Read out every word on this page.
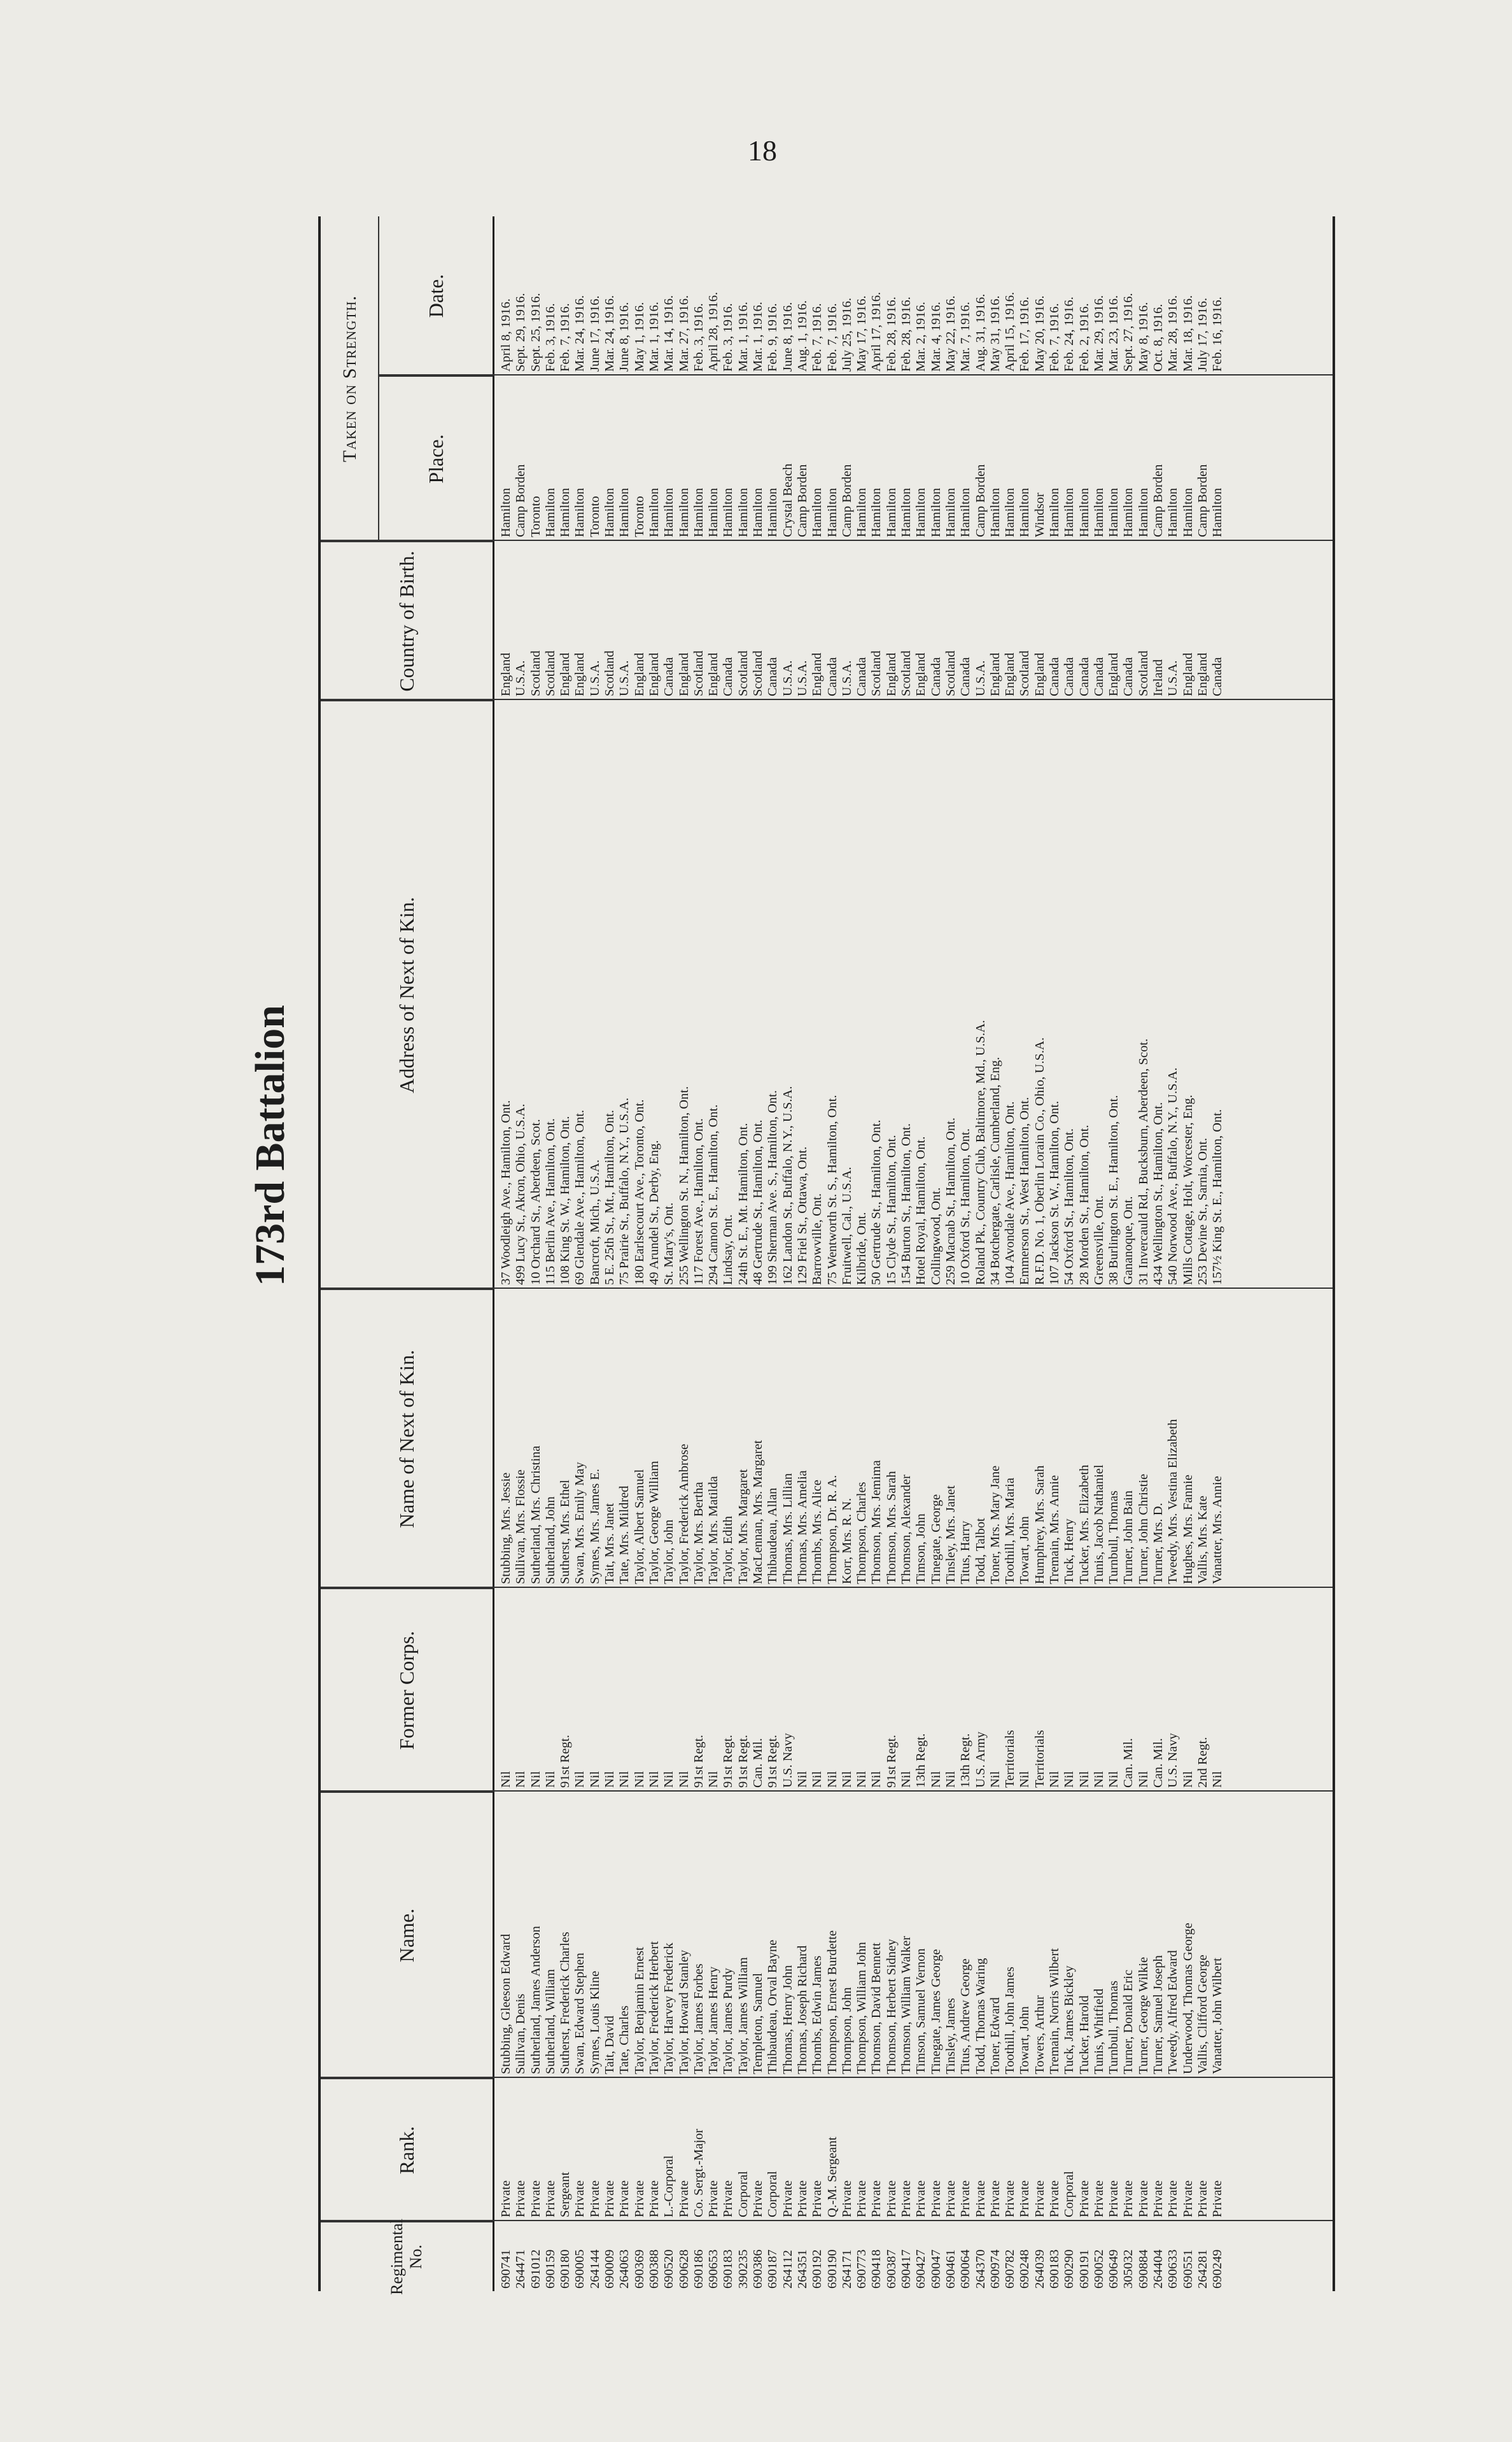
18
173rd Battalion
Regimental No.
Rank.
Name.
Former Corps.
Name of Next of Kin.
Address of Next of Kin.
Country of Birth.
Taken on Strength.	Place.
Date.
690741
Private
Stubbing, Gleeson Edward
Nil
Stubbing, Mrs. Jessie
37 Woodleigh Ave., Hamilton, Ont.
England
Hamilton
April 8, 1916.
264471
Private
Sullivan, Denis
Nil
Sullivan, Mrs. Flossie
499 Lucy St., Akron, Ohio, U.S.A.
U.S.A.
Camp Borden
Sept. 29, 1916.
691012
Private
Sutherland, James Anderson
Nil
Sutherland, Mrs. Christina
10 Orchard St., Aberdeen, Scot.
Scotland
Toronto
Sept. 25, 1916.
690159
Private
Sutherland, William
Nil
Sutherland, John
115 Berlin Ave., Hamilton, Ont.
Scotland
Hamilton
Feb. 3, 1916.
690180
Sergeant
Sutherst, Frederick Charles
91st Regt.
Sutherst, Mrs. Ethel
108 King St. W., Hamilton, Ont.
England
Hamilton
Feb. 7, 1916.
690005
Private
Swan, Edward Stephen
Nil
Swan, Mrs. Emily May
69 Glendale Ave., Hamilton, Ont.
England
Hamilton
Mar. 24, 1916.
264144
Private
Symes, Louis Kline
Nil
Symes, Mrs. James E.
Bancroft, Mich., U.S.A.
U.S.A.
Toronto
June 17, 1916.
690009
Private
Tait, David
Nil
Tait, Mrs. Janet
5 E. 25th St., Mt., Hamilton, Ont.
Scotland
Hamilton
Mar. 24, 1916.
264063
Private
Tate, Charles
Nil
Tate, Mrs. Mildred
75 Prairie St., Buffalo, N.Y., U.S.A.
U.S.A.
Hamilton
June 8, 1916.
690369
Private
Taylor, Benjamin Ernest
Nil
Taylor, Albert Samuel
180 Earlsecourt Ave., Toronto, Ont.
England
Toronto
May 1, 1916.
690388
Private
Taylor, Frederick Herbert
Nil
Taylor, George William
49 Arundel St., Derby, Eng.
England
Hamilton
Mar. 1, 1916.
690520
L.-Corporal
Taylor, Harvey Frederick
Nil
Taylor, John
St. Mary's, Ont.
Canada
Hamilton
Mar. 14, 1916.
690628
Private
Taylor, Howard Stanley
Nil
Taylor, Frederick Ambrose
255 Wellington St. N., Hamilton, Ont.
England
Hamilton
Mar. 27, 1916.
690186
Co. Sergt.-Major
Taylor, James Forbes
91st Regt.
Taylor, Mrs. Bertha
117 Forest Ave., Hamilton, Ont.
Scotland
Hamilton
Feb. 3, 1916.
690653
Private
Taylor, James Henry
Nil
Taylor, Mrs. Matilda
294 Cannon St. E., Hamilton, Ont.
England
Hamilton
April 28, 1916.
690183
Private
Taylor, James Purdy
91st Regt.
Taylor, Edith
Lindsay, Ont.
Canada
Hamilton
Feb. 3, 1916.
390235
Corporal
Taylor, James William
91st Regt.
Taylor, Mrs. Margaret
24th St. E., Mt. Hamilton, Ont.
Scotland
Hamilton
Mar. 1, 1916.
690386
Private
Templeton, Samuel
Can. Mil.
MacLennan, Mrs. Margaret
48 Gertrude St., Hamilton, Ont.
Scotland
Hamilton
Mar. 1, 1916.
690187
Corporal
Thibaudeau, Orval Bayne
91st Regt.
Thibaudeau, Allan
199 Sherman Ave. S., Hamilton, Ont.
Canada
Hamilton
Feb. 9, 1916.
264112
Private
Thomas, Henry John
U.S. Navy
Thomas, Mrs. Lillian
162 Landon St., Buffalo, N.Y., U.S.A.
U.S.A.
Crystal Beach
June 8, 1916.
264351
Private
Thomas, Joseph Richard
Nil
Thomas, Mrs. Amelia
129 Friel St., Ottawa, Ont.
U.S.A.
Camp Borden
Aug. 1, 1916.
690192
Private
Thombs, Edwin James
Nil
Thombs, Mrs. Alice
Barrowville, Ont.
England
Hamilton
Feb. 7, 1916.
690190
Q.-M. Sergeant
Thompson, Ernest Burdette
Nil
Thompson, Dr. R. A.
75 Wentworth St. S., Hamilton, Ont.
Canada
Hamilton
Feb. 7, 1916.
264171
Private
Thompson, John
Nil
Korr, Mrs. R. N.
Fruitwell, Cal., U.S.A.
U.S.A.
Camp Borden
July 25, 1916.
690773
Private
Thompson, William John
Nil
Thompson, Charles
Kilbride, Ont.
Canada
Hamilton
May 17, 1916.
690418
Private
Thomson, David Bennett
Nil
Thomson, Mrs. Jemima
50 Gertrude St., Hamilton, Ont.
Scotland
Hamilton
April 17, 1916.
690387
Private
Thomson, Herbert Sidney
91st Regt.
Thomson, Mrs. Sarah
15 Clyde St., Hamilton, Ont.
England
Hamilton
Feb. 28, 1916.
690417
Private
Thomson, William Walker
Nil
Thomson, Alexander
154 Burton St., Hamilton, Ont.
Scotland
Hamilton
Feb. 28, 1916.
690427
Private
Timson, Samuel Vernon
13th Regt.
Timson, John
Hotel Royal, Hamilton, Ont.
England
Hamilton
Mar. 2, 1916.
690047
Private
Tinegate, James George
Nil
Tinegate, George
Collingwood, Ont.
Canada
Hamilton
Mar. 4, 1916.
690461
Private
Tinsley, James
Nil
Tinsley, Mrs. Janet
259 Macnab St., Hamilton, Ont.
Scotland
Hamilton
May 22, 1916.
690064
Private
Titus, Andrew George
13th Regt.
Titus, Harry
10 Oxford St., Hamilton, Ont.
Canada
Hamilton
Mar. 7, 1916.
264370
Private
Todd, Thomas Waring
U.S. Army
Todd, Talbot
Roland Pk., Country Club, Baltimore, Md., U.S.A.
U.S.A.
Camp Borden
Aug. 31, 1916.
690974
Private
Toner, Edward
Nil
Toner, Mrs. Mary Jane
34 Botchergate, Carlisle, Cumberland, Eng.
England
Hamilton
May 31, 1916.
690782
Private
Toothill, John James
Territorials
Toothill, Mrs. Maria
104 Avondale Ave., Hamilton, Ont.
England
Hamilton
April 15, 1916.
690248
Private
Towart, John
Nil
Towart, John
Emmerson St., West Hamilton, Ont.
Scotland
Hamilton
Feb. 17, 1916.
264039
Private
Towers, Arthur
Territorials
Humphrey, Mrs. Sarah
R.F.D. No. 1, Oberlin Lorain Co., Ohio, U.S.A.
England
Windsor
May 20, 1916.
690183
Private
Tremain, Norris Wilbert
Nil
Tremain, Mrs. Annie
107 Jackson St. W., Hamilton, Ont.
Canada
Hamilton
Feb. 7, 1916.
690290
Corporal
Tuck, James Bickley
Nil
Tuck, Henry
54 Oxford St., Hamilton, Ont.
Canada
Hamilton
Feb. 24, 1916.
690191
Private
Tucker, Harold
Nil
Tucker, Mrs. Elizabeth
28 Morden St., Hamilton, Ont.
Canada
Hamilton
Feb. 2, 1916.
690052
Private
Tunis, Whitfield
Nil
Tunis, Jacob Nathaniel
Greensville, Ont.
Canada
Hamilton
Mar. 29, 1916.
690649
Private
Turnbull, Thomas
Nil
Turnbull, Thomas
38 Burlington St. E., Hamilton, Ont.
England
Hamilton
Mar. 23, 1916.
305032
Private
Turner, Donald Eric
Can. Mil.
Turner, John Bain
Gananoque, Ont.
Canada
Hamilton
Sept. 27, 1916.
690884
Private
Turner, George Wilkie
Nil
Turner, John Christie
31 Invercauld Rd., Bucksburn, Aberdeen, Scot.
Scotland
Hamilton
May 8, 1916.
264404
Private
Turner, Samuel Joseph
Can. Mil.
Turner, Mrs. D.
434 Wellington St., Hamilton, Ont.
Ireland
Camp Borden
Oct. 8, 1916.
690633
Private
Tweedy, Alfred Edward
U.S. Navy
Tweedy, Mrs. Vestina Elizabeth
540 Norwood Ave., Buffalo, N.Y., U.S.A.
U.S.A.
Hamilton
Mar. 28, 1916.
690551
Private
Underwood, Thomas George
Nil
Hughes, Mrs. Fannie
Mills Cottage, Holt, Worcester, Eng.
England
Hamilton
Mar. 18, 1916.
264281
Private
Vallis, Clifford George
2nd Regt.
Vallis, Mrs. Kate
253 Devine St., Sarnia, Ont.
England
Camp Borden
July 17, 1916.
690249
Private
Vanatter, John Wilbert
Nil
Vanatter, Mrs. Annie
157½ King St. E., Hamilton, Ont.
Canada
Hamilton
Feb. 16, 1916.
